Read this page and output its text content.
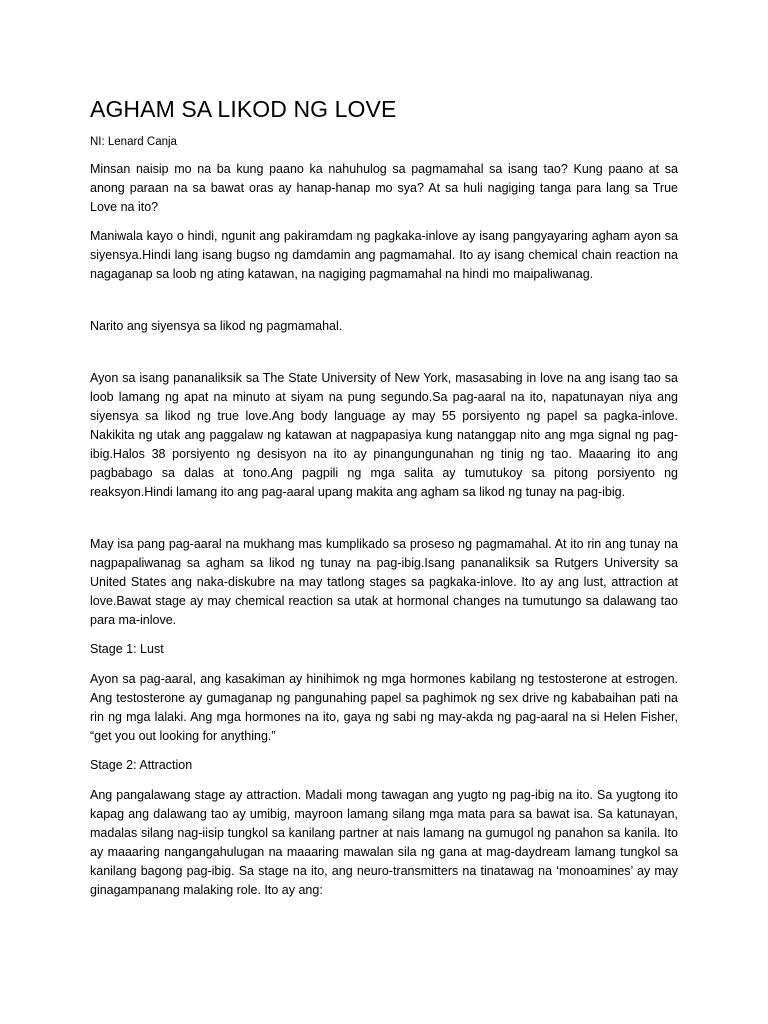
AGHAM SA LIKOD NG LOVE

NI: Lenard Canja

Minsan naisip mo na ba kung paano ka nahuhulog sa pagmamahal sa isang tao? Kung paano at sa anong paraan na sa bawat oras ay hanap-hanap mo sya? At sa huli nagiging tanga para lang sa True Love na ito?

Maniwala kayo o hindi, ngunit ang pakiramdam ng pagkaka-inlove ay isang pangyayaring agham ayon sa siyensya.Hindi lang isang bugso ng damdamin ang pagmamahal. Ito ay isang chemical chain reaction na nagaganap sa loob ng ating katawan, na nagiging pagmamahal na hindi mo maipaliwanag.

Narito ang siyensya sa likod ng pagmamahal.

Ayon sa isang pananaliksik sa The State University of New York, masasabing in love na ang isang tao sa loob lamang ng apat na minuto at siyam na pung segundo.Sa pag-aaral na ito, napatunayan niya ang siyensya sa likod ng true love.Ang body language ay may 55 porsiyento ng papel sa pagka-inlove. Nakikita ng utak ang paggalaw ng katawan at nagpapasiya kung natanggap nito ang mga signal ng pag-ibig.Halos 38 porsiyento ng desisyon na ito ay pinangungunahan ng tinig ng tao. Maaaring ito ang pagbabago sa dalas at tono.Ang pagpili ng mga salita ay tumutukoy sa pitong porsiyento ng reaksyon.Hindi lamang ito ang pag-aaral upang makita ang agham sa likod ng tunay na pag-ibig.

May isa pang pag-aaral na mukhang mas kumplikado sa proseso ng pagmamahal. At ito rin ang tunay na nagpapaliwanag sa agham sa likod ng tunay na pag-ibig.Isang pananaliksik sa Rutgers University sa United States ang naka-diskubre na may tatlong stages sa pagkaka-inlove. Ito ay ang lust, attraction at love.Bawat stage ay may chemical reaction sa utak at hormonal changes na tumutungo sa dalawang tao para ma-inlove.

Stage 1: Lust

Ayon sa pag-aaral, ang kasakiman ay hinihimok ng mga hormones kabilang ng testosterone at estrogen. Ang testosterone ay gumaganap ng pangunahing papel sa paghimok ng sex drive ng kababaihan pati na rin ng mga lalaki. Ang mga hormones na ito, gaya ng sabi ng may-akda ng pag-aaral na si Helen Fisher, “get you out looking for anything.”

Stage 2: Attraction

Ang pangalawang stage ay attraction. Madali mong tawagan ang yugto ng pag-ibig na ito. Sa yugtong ito kapag ang dalawang tao ay umibig, mayroon lamang silang mga mata para sa bawat isa. Sa katunayan, madalas silang nag-iisip tungkol sa kanilang partner at nais lamang na gumugol ng panahon sa kanila. Ito ay maaaring nangangahulugan na maaaring mawalan sila ng gana at mag-daydream lamang tungkol sa kanilang bagong pag-ibig. Sa stage na ito, ang neuro-transmitters na tinatawag na ‘monoamines’ ay may ginagampanang malaking role. Ito ay ang:
